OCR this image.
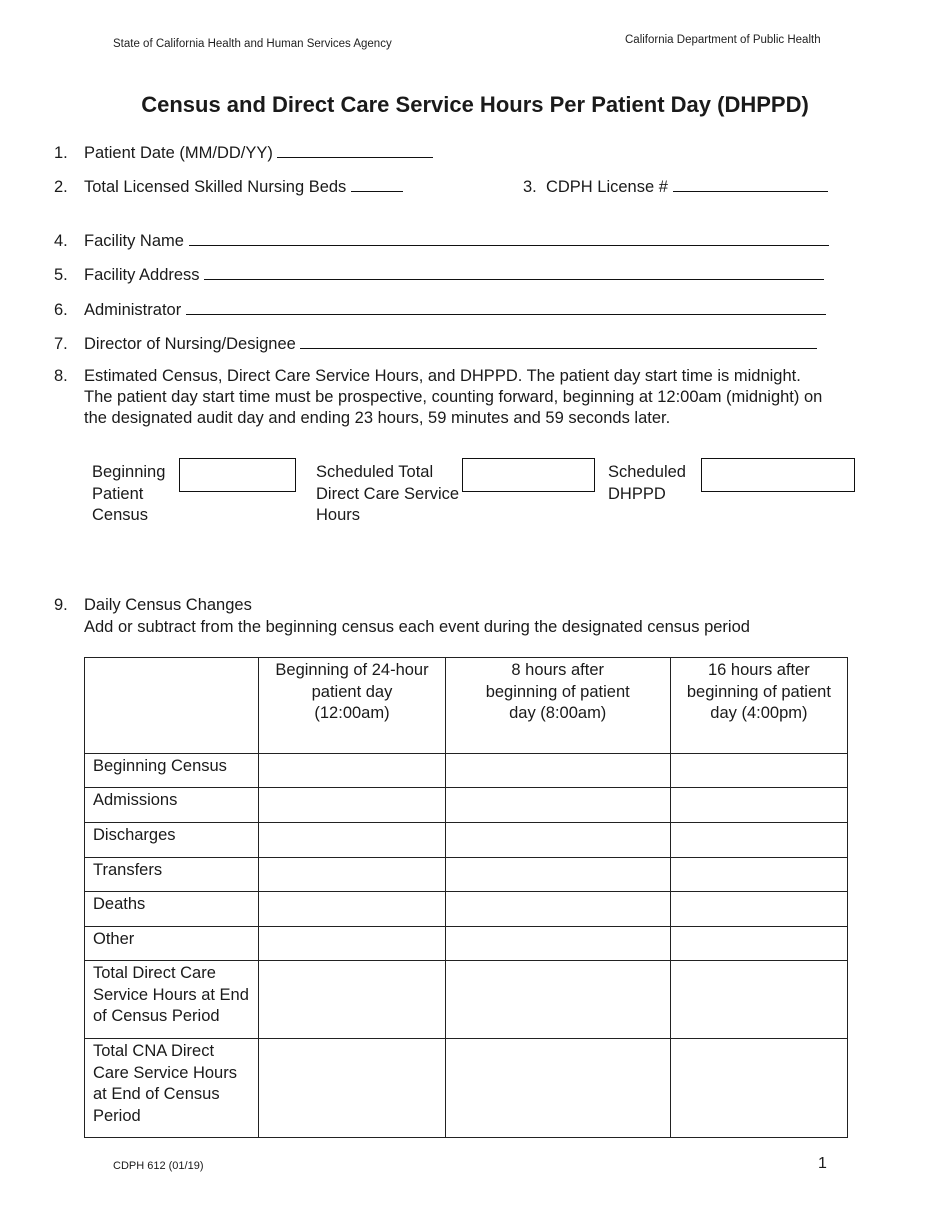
State of California Health and Human Services Agency	California Department of Public Health
Census and Direct Care Service Hours Per Patient Day (DHPPD)
1. Patient Date (MM/DD/YY)
2. Total Licensed Skilled Nursing Beds	3. CDPH License #
4. Facility Name
5. Facility Address
6. Administrator
7. Director of Nursing/Designee
8. Estimated Census, Direct Care Service Hours, and DHPPD. The patient day start time is midnight. The patient day start time must be prospective, counting forward, beginning at 12:00am (midnight) on the designated audit day and ending 23 hours, 59 minutes and 59 seconds later.
Beginning Patient Census
Scheduled Total Direct Care Service Hours
Scheduled DHPPD
9. Daily Census Changes
Add or subtract from the beginning census each event during the designated census period
	Beginning of 24-hour patient day (12:00am)	8 hours after beginning of patient day (8:00am)	16 hours after beginning of patient day (4:00pm)
Beginning Census			
Admissions			
Discharges			
Transfers			
Deaths			
Other			
Total Direct Care Service Hours at End of Census Period			
Total CNA Direct Care Service Hours at End of Census Period			
CDPH 612 (01/19)	1
